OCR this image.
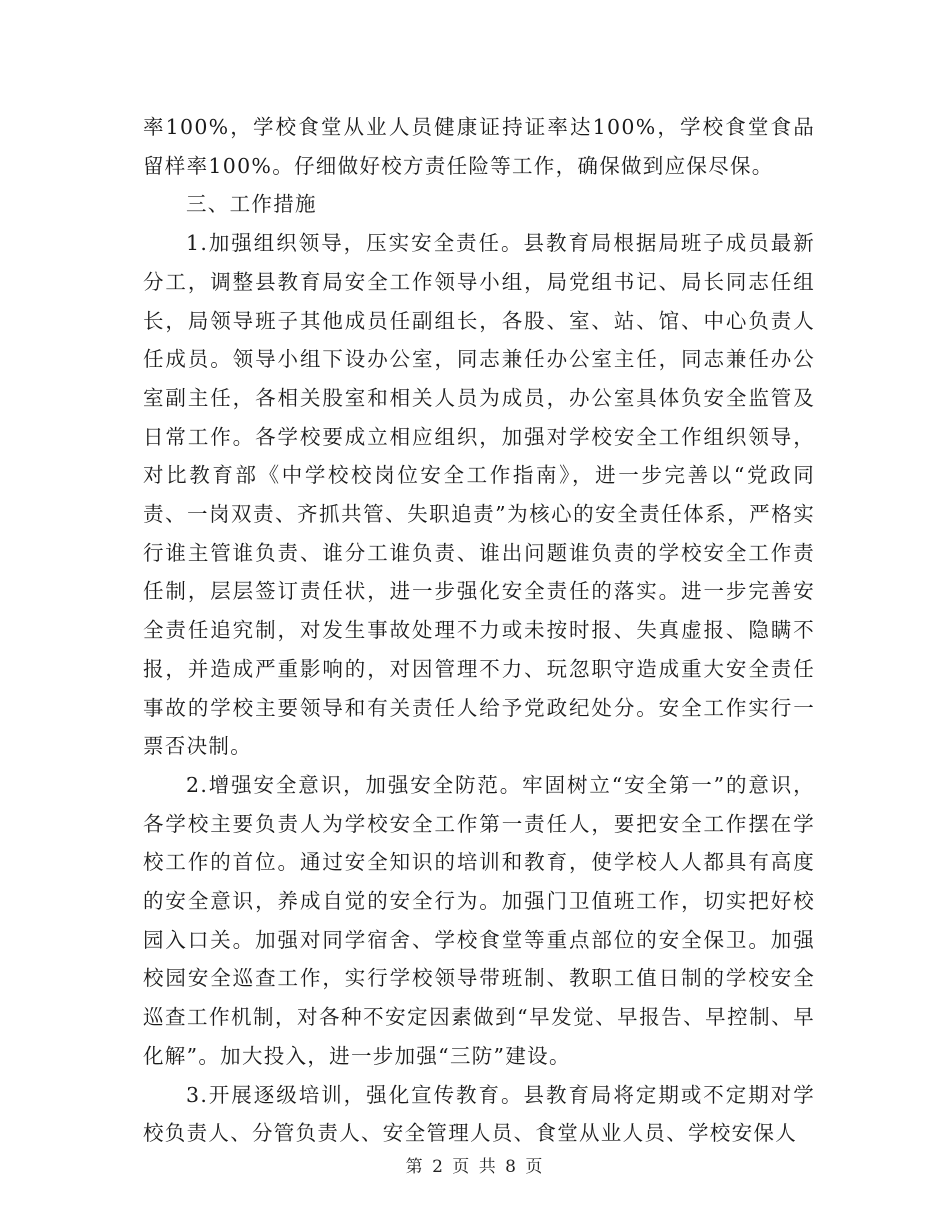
率100%，学校食堂从业人员健康证持证率达100%，学校食堂食品留样率100%。仔细做好校方责任险等工作，确保做到应保尽保。

三、工作措施

1.加强组织领导，压实安全责任。县教育局根据局班子成员最新分工，调整县教育局安全工作领导小组，局党组书记、局长同志任组长，局领导班子其他成员任副组长，各股、室、站、馆、中心负责人任成员。领导小组下设办公室，同志兼任办公室主任，同志兼任办公室副主任，各相关股室和相关人员为成员，办公室具体负安全监管及日常工作。各学校要成立相应组织，加强对学校安全工作组织领导，对比教育部《中学校校岗位安全工作指南》，进一步完善以“党政同责、一岗双责、齐抓共管、失职追责”为核心的安全责任体系，严格实行谁主管谁负责、谁分工谁负责、谁出问题谁负责的学校安全工作责任制，层层签订责任状，进一步强化安全责任的落实。进一步完善安全责任追究制，对发生事故处理不力或未按时报、失真虚报、隐瞒不报，并造成严重影响的，对因管理不力、玩忽职守造成重大安全责任事故的学校主要领导和有关责任人给予党政纪处分。安全工作实行一票否决制。

2.增强安全意识，加强安全防范。牢固树立“安全第一”的意识，各学校主要负责人为学校安全工作第一责任人，要把安全工作摆在学校工作的首位。通过安全知识的培训和教育，使学校人人都具有高度的安全意识，养成自觉的安全行为。加强门卫值班工作，切实把好校园入口关。加强对同学宿舍、学校食堂等重点部位的安全保卫。加强校园安全巡查工作，实行学校领导带班制、教职工值日制的学校安全巡查工作机制，对各种不安定因素做到“早发觉、早报告、早控制、早化解”。加大投入，进一步加强“三防”建设。

3.开展逐级培训，强化宣传教育。县教育局将定期或不定期对学校负责人、分管负责人、安全管理人员、食堂从业人员、学校安保人

第 2 页 共 8 页
